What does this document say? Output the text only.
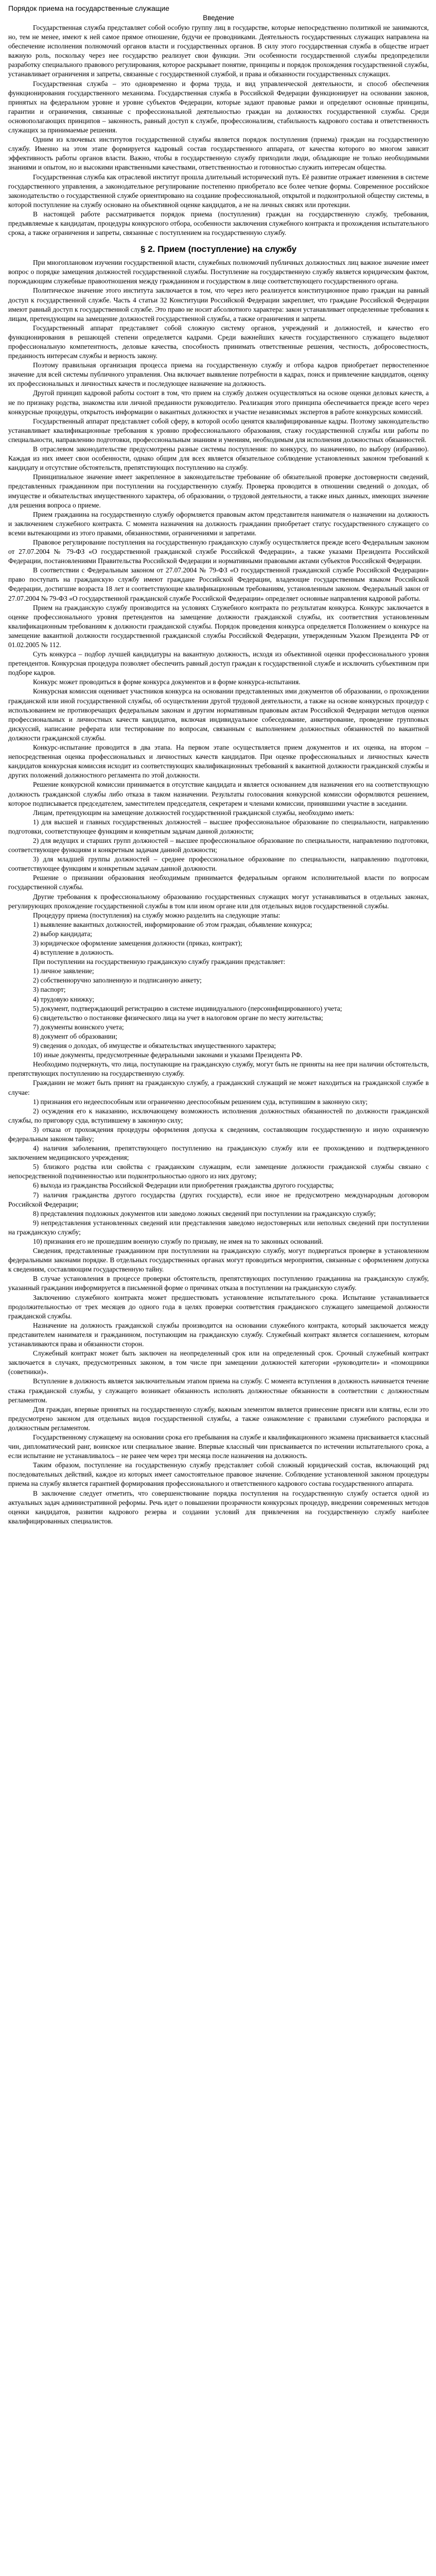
Порядок приема на государственные служащие
Введение

Государственная служба представляет собой особую группу лиц в государстве, которые непосредственно политикой не занимаются, но, тем не менее, имеют к ней самое прямое отношение, будучи ее проводниками. Деятельность государственных служащих направлена на обеспечение исполнения полномочий органов власти и государственных органов. В силу этого государственная служба в обществе играет важную роль, поскольку через нее государство реализует свои функции. Эти особенности государственной службы предопределили разработку специального правового регулирования, которое раскрывает понятие, принципы и порядок прохождения государственной службы, устанавливает ограничения и запреты, связанные с государственной службой, и права и обязанности государственных служащих.

Государственная служба – это одновременно и форма труда, и вид управленческой деятельности, и способ обеспечения функционирования государственного механизма. Государственная служба в Российской Федерации функционирует на основании законов, принятых на федеральном уровне и уровне субъектов Федерации, которые задают правовые рамки и определяют основные принципы, гарантии и ограничения, связанные с профессиональной деятельностью граждан на должностях государственной службы. Среди основополагающих принципов – законность, равный доступ к службе, профессионализм, стабильность кадрового состава и ответственность служащих за принимаемые решения.

Одним из ключевых институтов государственной службы является порядок поступления (приема) граждан на государственную службу. Именно на этом этапе формируется кадровый состав государственного аппарата, от качества которого во многом зависит эффективность работы органов власти. Важно, чтобы в государственную службу приходили люди, обладающие не только необходимыми знаниями и опытом, но и высокими нравственными качествами, ответственностью и готовностью служить интересам общества.

Государственная служба как отраслевой институт прошла длительный исторический путь. Её развитие отражает изменения в системе государственного управления, а законодательное регулирование постепенно приобретало все более четкие формы. Современное российское законодательство о государственной службе ориентировано на создание профессиональной, открытой и подконтрольной обществу системы, в которой поступление на службу основано на объективной оценке кандидатов, а не на личных связях или протекции.

В настоящей работе рассматривается порядок приема (поступления) граждан на государственную службу, требования, предъявляемые к кандидатам, процедуры конкурсного отбора, особенности заключения служебного контракта и прохождения испытательного срока, а также ограничения и запреты, связанные с поступлением на государственную службу.

§ 2. Прием (поступление) на службу

При многоплановом изучении государственной власти, служебных полномочий публичных должностных лиц важное значение имеет вопрос о порядке замещения должностей государственной службы. Поступление на государственную службу является юридическим фактом, порождающим служебные правоотношения между гражданином и государством в лице соответствующего государственного органа.

Политическое значение этого института заключается в том, что через него реализуется конституционное право граждан на равный доступ к государственной службе. Часть 4 статьи 32 Конституции Российской Федерации закрепляет, что граждане Российской Федерации имеют равный доступ к государственной службе. Это право не носит абсолютного характера: закон устанавливает определенные требования к лицам, претендующим на замещение должностей государственной службы, а также ограничения и запреты.

Государственный аппарат представляет собой сложную систему органов, учреждений и должностей, и качество его функционирования в решающей степени определяется кадрами. Среди важнейших качеств государственного служащего выделяют профессиональную компетентность, деловые качества, способность принимать ответственные решения, честность, добросовестность, преданность интересам службы и верность закону.

Поэтому правильная организация процесса приема на государственную службу и отбора кадров приобретает первостепенное значение для всей системы публичного управления. Она включает выявление потребности в кадрах, поиск и привлечение кандидатов, оценку их профессиональных и личностных качеств и последующее назначение на должность.

Другой принцип кадровой работы состоит в том, что прием на службу должен осуществляться на основе оценки деловых качеств, а не по признаку родства, знакомства или личной преданности руководителю. Реализация этого принципа обеспечивается прежде всего через конкурсные процедуры, открытость информации о вакантных должностях и участие независимых экспертов в работе конкурсных комиссий.

Государственный аппарат представляет собой сферу, в которой особо ценятся квалифицированные кадры. Поэтому законодательство устанавливает квалификационные требования к уровню профессионального образования, стажу государственной службы или работы по специальности, направлению подготовки, профессиональным знаниям и умениям, необходимым для исполнения должностных обязанностей.

В отраслевом законодательстве предусмотрены разные системы поступления: по конкурсу, по назначению, по выбору (избранию). Каждая из них имеет свои особенности, однако общим для всех является обязательное соблюдение установленных законом требований к кандидату и отсутствие обстоятельств, препятствующих поступлению на службу.

Принципиальное значение имеет закрепленное в законодательстве требование об обязательной проверке достоверности сведений, представленных гражданином при поступлении на государственную службу. Проверка проводится в отношении сведений о доходах, об имуществе и обязательствах имущественного характера, об образовании, о трудовой деятельности, а также иных данных, имеющих значение для решения вопроса о приеме.

Прием гражданина на государственную службу оформляется правовым актом представителя нанимателя о назначении на должность и заключением служебного контракта. С момента назначения на должность гражданин приобретает статус государственного служащего со всеми вытекающими из этого правами, обязанностями, ограничениями и запретами.

Правовое регулирование поступления на государственную гражданскую службу осуществляется прежде всего Федеральным законом от 27.07.2004 № 79-ФЗ «О государственной гражданской службе Российской Федерации», а также указами Президента Российской Федерации, постановлениями Правительства Российской Федерации и нормативными правовыми актами субъектов Российской Федерации.

В соответствии с Федеральным законом от 27.07.2004 № 79-ФЗ «О государственной гражданской службе Российской Федерации» право поступать на гражданскую службу имеют граждане Российской Федерации, владеющие государственным языком Российской Федерации, достигшие возраста 18 лет и соответствующие квалификационным требованиям, установленным законом. Федеральный закон от 27.07.2004 № 79-ФЗ «О государственной гражданской службе Российской Федерации» определяет основные направления кадровой работы.

Прием на гражданскую службу производится на условиях Служебного контракта по результатам конкурса. Конкурс заключается в оценке профессионального уровня претендентов на замещение должности гражданской службы, их соответствия установленным квалификационным требованиям к должности гражданской службы. Порядок проведения конкурса определяется Положением о конкурсе на замещение вакантной должности государственной гражданской службы Российской Федерации, утвержденным Указом Президента РФ от 01.02.2005 № 112.

Суть конкурса – подбор лучшей кандидатуры на вакантную должность, исходя из объективной оценки профессионального уровня претендентов. Конкурсная процедура позволяет обеспечить равный доступ граждан к государственной службе и исключить субъективизм при подборе кадров.

Конкурс может проводиться в форме конкурса документов и в форме конкурса-испытания.

Конкурсная комиссия оценивает участников конкурса на основании представленных ими документов об образовании, о прохождении гражданской или иной государственной службы, об осуществлении другой трудовой деятельности, а также на основе конкурсных процедур с использованием не противоречащих федеральным законам и другим нормативным правовым актам Российской Федерации методов оценки профессиональных и личностных качеств кандидатов, включая индивидуальное собеседование, анкетирование, проведение групповых дискуссий, написание реферата или тестирование по вопросам, связанным с выполнением должностных обязанностей по вакантной должности гражданской службы.

Конкурс-испытание проводится в два этапа. На первом этапе осуществляется прием документов и их оценка, на втором – непосредственная оценка профессиональных и личностных качеств кандидатов. При оценке профессиональных и личностных качеств кандидатов конкурсная комиссия исходит из соответствующих квалификационных требований к вакантной должности гражданской службы и других положений должностного регламента по этой должности.

Решение конкурсной комиссии принимается в отсутствие кандидата и является основанием для назначения его на соответствующую должность гражданской службы либо отказа в таком назначении. Результаты голосования конкурсной комиссии оформляются решением, которое подписывается председателем, заместителем председателя, секретарем и членами комиссии, принявшими участие в заседании.

Лицам, претендующим на замещение должностей государственной гражданской службы, необходимо иметь:

1) для высшей и главных государственных должностей – высшее профессиональное образование по специальности, направлению подготовки, соответствующее функциям и конкретным задачам данной должности;

2) для ведущих и старших групп должностей – высшее профессиональное образование по специальности, направлению подготовки, соответствующее функциям и конкретным задачам данной должности;

3) для младшей группы должностей – среднее профессиональное образование по специальности, направлению подготовки, соответствующее функциям и конкретным задачам данной должности.

Решение о признании образования необходимым принимается федеральным органом исполнительной власти по вопросам государственной службы.

Другие требования к профессиональному образованию государственных служащих могут устанавливаться в отдельных законах, регулирующих прохождение государственной службы в том или ином органе или для отдельных видов государственной службы.

Процедуру приема (поступления) на службу можно разделить на следующие этапы:

1) выявление вакантных должностей, информирование об этом граждан, объявление конкурса;

2) выбор кандидата;

3) юридическое оформление замещения должности (приказ, контракт);

4) вступление в должность.

При поступлении на государственную гражданскую службу гражданин представляет:

1) личное заявление;

2) собственноручно заполненную и подписанную анкету;

3) паспорт;

4) трудовую книжку;

5) документ, подтверждающий регистрацию в системе индивидуального (персонифицированного) учета;

6) свидетельство о постановке физического лица на учет в налоговом органе по месту жительства;

7) документы воинского учета;

8) документ об образовании;

9) сведения о доходах, об имуществе и обязательствах имущественного характера;

10) иные документы, предусмотренные федеральными законами и указами Президента РФ.

Необходимо подчеркнуть, что лица, поступающие на гражданскую службу, могут быть не приняты на нее при наличии обстоятельств, препятствующих поступлению на государственную службу.

Гражданин не может быть принят на гражданскую службу, а гражданский служащий не может находиться на гражданской службе в случае:

1) признания его недееспособным или ограниченно дееспособным решением суда, вступившим в законную силу;

2) осуждения его к наказанию, исключающему возможность исполнения должностных обязанностей по должности гражданской службы, по приговору суда, вступившему в законную силу;

3) отказа от прохождения процедуры оформления допуска к сведениям, составляющим государственную и иную охраняемую федеральным законом тайну;

4) наличия заболевания, препятствующего поступлению на гражданскую службу или ее прохождению и подтвержденного заключением медицинского учреждения;

5) близкого родства или свойства с гражданским служащим, если замещение должности гражданской службы связано с непосредственной подчиненностью или подконтрольностью одного из них другому;

6) выхода из гражданства Российской Федерации или приобретения гражданства другого государства;

7) наличия гражданства другого государства (других государств), если иное не предусмотрено международным договором Российской Федерации;

8) представления подложных документов или заведомо ложных сведений при поступлении на гражданскую службу;

9) непредставления установленных сведений или представления заведомо недостоверных или неполных сведений при поступлении на гражданскую службу;

10) признания его не прошедшим военную службу по призыву, не имея на то законных оснований.

Сведения, представленные гражданином при поступлении на гражданскую службу, могут подвергаться проверке в установленном федеральными законами порядке. В отдельных государственных органах могут проводиться мероприятия, связанные с оформлением допуска к сведениям, составляющим государственную тайну.

В случае установления в процессе проверки обстоятельств, препятствующих поступлению гражданина на гражданскую службу, указанный гражданин информируется в письменной форме о причинах отказа в поступлении на гражданскую службу.

Заключению служебного контракта может предшествовать установление испытательного срока. Испытание устанавливается продолжительностью от трех месяцев до одного года в целях проверки соответствия гражданского служащего замещаемой должности гражданской службы.

Назначение на должность гражданской службы производится на основании служебного контракта, который заключается между представителем нанимателя и гражданином, поступающим на гражданскую службу. Служебный контракт является соглашением, которым устанавливаются права и обязанности сторон.

Служебный контракт может быть заключен на неопределенный срок или на определенный срок. Срочный служебный контракт заключается в случаях, предусмотренных законом, в том числе при замещении должностей категории «руководители» и «помощники (советники)».

Вступление в должность является заключительным этапом приема на службу. С момента вступления в должность начинается течение стажа гражданской службы, у служащего возникает обязанность исполнять должностные обязанности в соответствии с должностным регламентом.

Для граждан, впервые принятых на государственную службу, важным элементом является принесение присяги или клятвы, если это предусмотрено законом для отдельных видов государственной службы, а также ознакомление с правилами служебного распорядка и должностным регламентом.

Государственному служащему на основании срока его пребывания на службе и квалификационного экзамена присваивается классный чин, дипломатический ранг, воинское или специальное звание. Впервые классный чин присваивается по истечении испытательного срока, а если испытание не устанавливалось – не ранее чем через три месяца после назначения на должность.

Таким образом, поступление на государственную службу представляет собой сложный юридический состав, включающий ряд последовательных действий, каждое из которых имеет самостоятельное правовое значение. Соблюдение установленной законом процедуры приема на службу является гарантией формирования профессионального и ответственного кадрового состава государственного аппарата.

В заключение следует отметить, что совершенствование порядка поступления на государственную службу остается одной из актуальных задач административной реформы. Речь идет о повышении прозрачности конкурсных процедур, внедрении современных методов оценки кандидатов, развитии кадрового резерва и создании условий для привлечения на государственную службу наиболее квалифицированных специалистов.
